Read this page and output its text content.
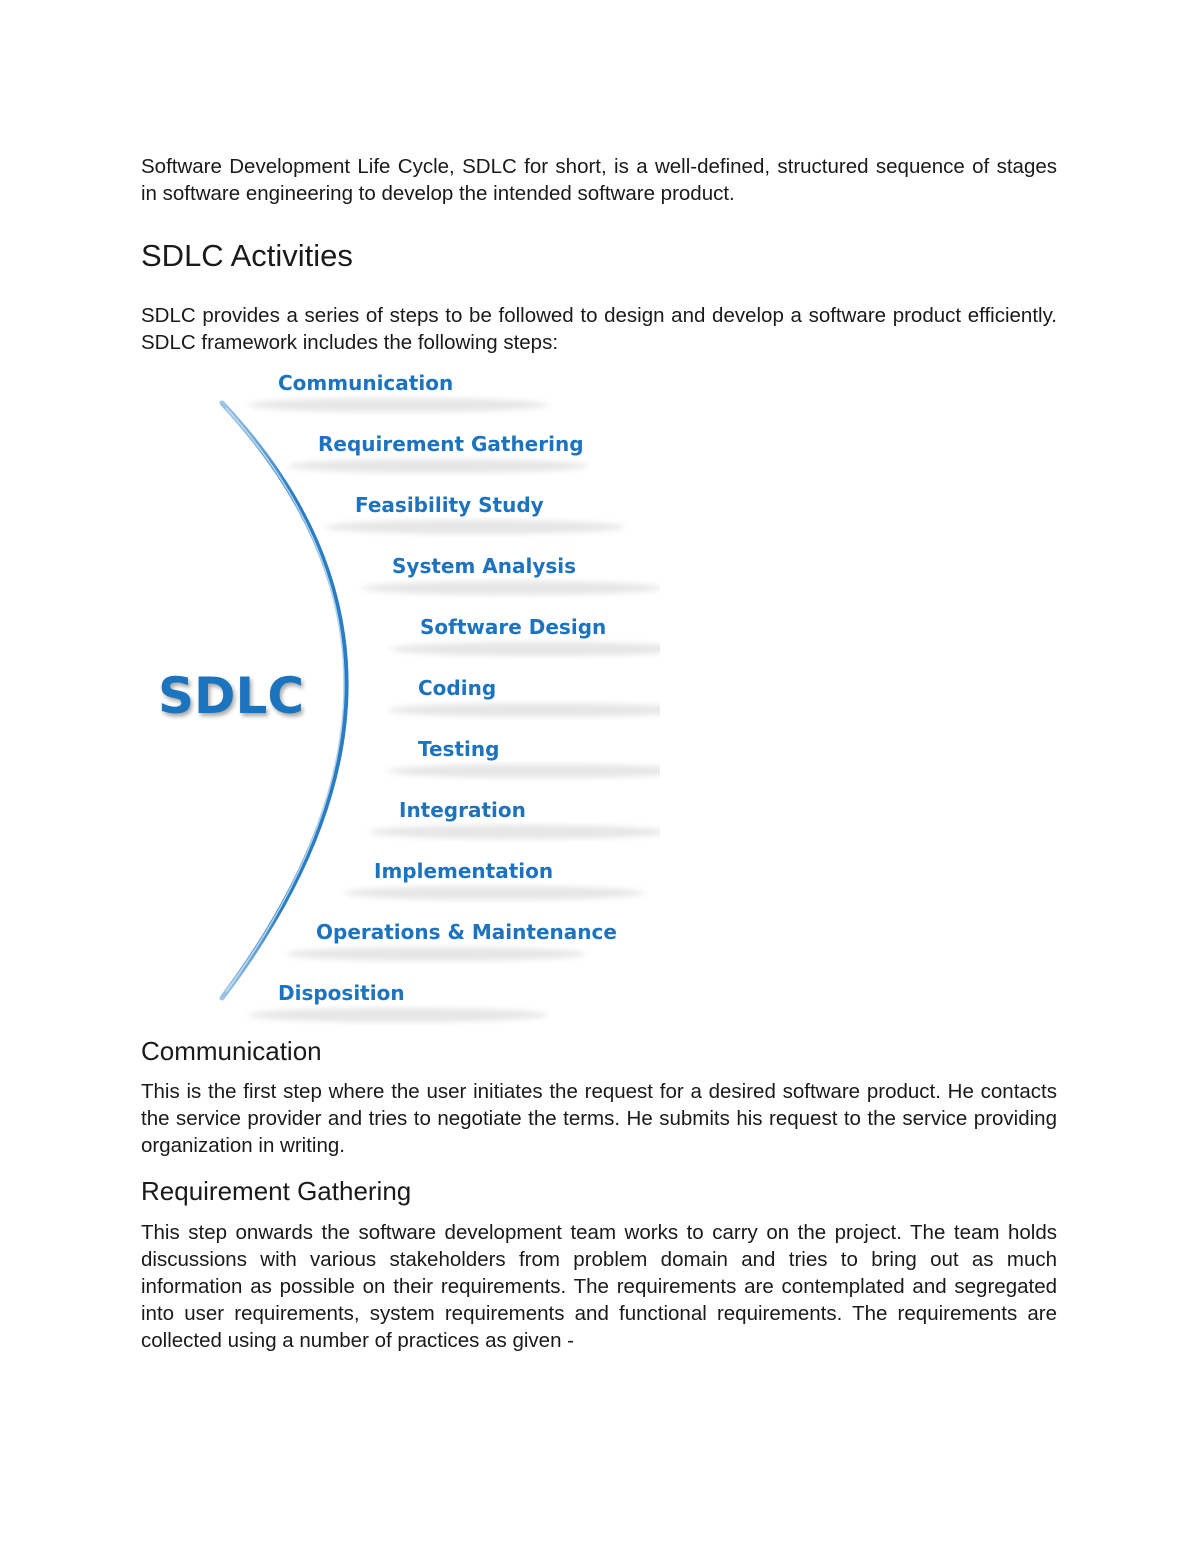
Software Development Life Cycle, SDLC for short, is a well-defined, structured sequence of stages in software engineering to develop the intended software product.

SDLC Activities

SDLC provides a series of steps to be followed to design and develop a software product efficiently. SDLC framework includes the following steps:

SDLC
Communication
Requirement Gathering
Feasibility Study
System Analysis
Software Design
Coding
Testing
Integration
Implementation
Operations & Maintenance
Disposition
Communication

This is the first step where the user initiates the request for a desired software product. He contacts the service provider and tries to negotiate the terms. He submits his request to the service providing organization in writing.

Requirement Gathering

This step onwards the software development team works to carry on the project. The team holds discussions with various stakeholders from problem domain and tries to bring out as much information as possible on their requirements. The requirements are contemplated and segregated into user requirements, system requirements and functional requirements. The requirements are collected using a number of practices as given -
